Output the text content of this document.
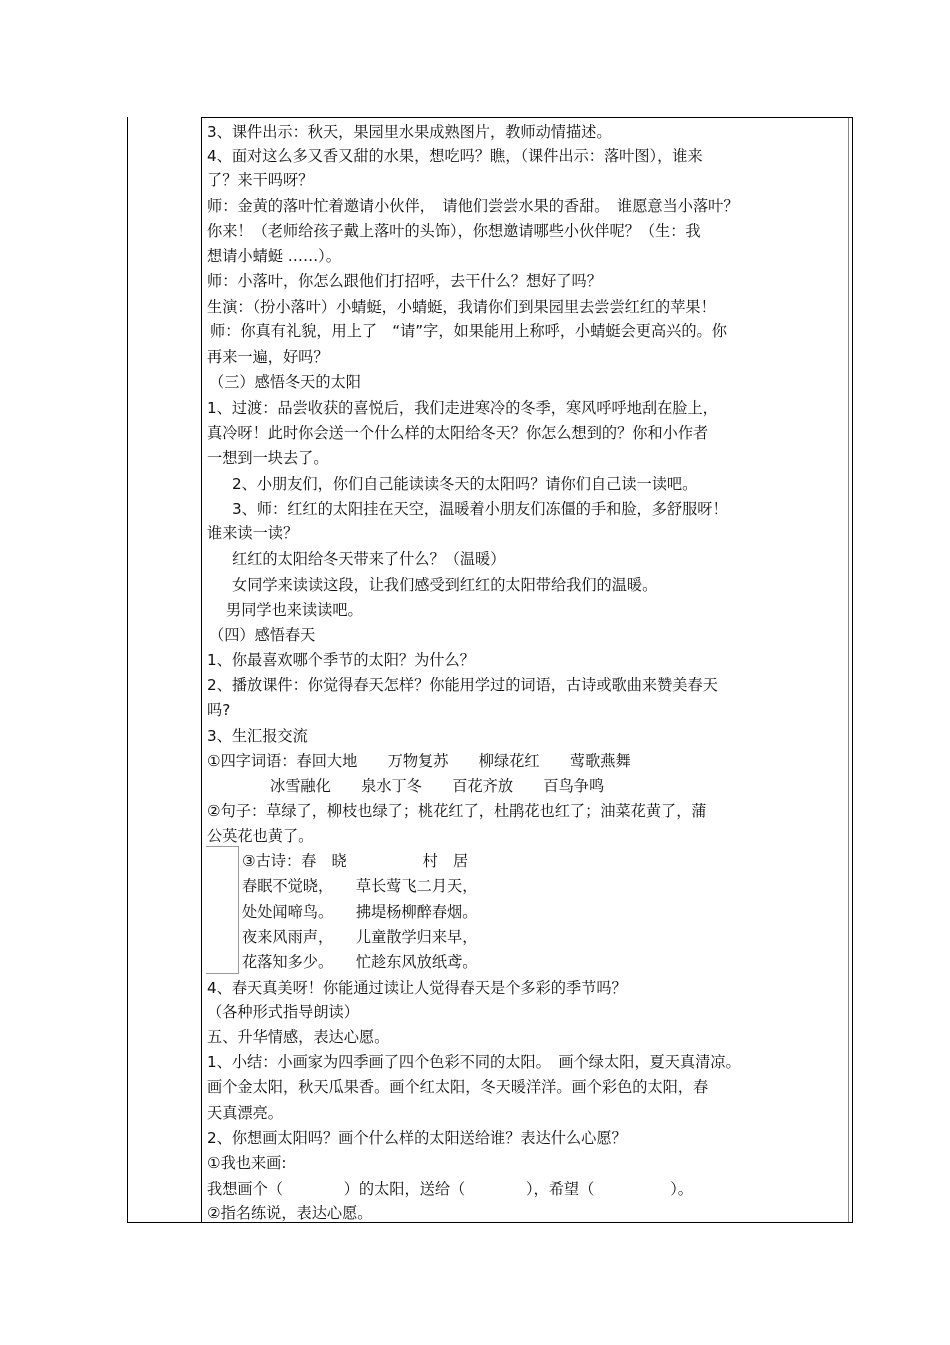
3、课件出示：秋天，果园里水果成熟图片，教师动情描述。
4、面对这么多又香又甜的水果，想吃吗？瞧，（课件出示：落叶图），谁来
了？来干吗呀？
师：金黄的落叶忙着邀请小伙伴，　请他们尝尝水果的香甜。　谁愿意当小落叶？
你来！（老师给孩子戴上落叶的头饰），你想邀请哪些小伙伴呢？（生：我
想请小蜻蜓 ……）。
师：小落叶，你怎么跟他们打招呼，去干什么？想好了吗？
生演：（扮小落叶）小蜻蜓，小蜻蜓，我请你们到果园里去尝尝红红的苹果！
师：你真有礼貌，用上了　“请”字，如果能用上称呼，小蜻蜓会更高兴的。你
再来一遍，好吗？
（三）感悟冬天的太阳
1、过渡：品尝收获的喜悦后，我们走进寒冷的冬季，寒风呼呼地刮在脸上，
真冷呀！此时你会送一个什么样的太阳给冬天？你怎么想到的？你和小作者
一想到一块去了。
2、小朋友们，你们自己能读读冬天的太阳吗？请你们自己读一读吧。
3、师：红红的太阳挂在天空，温暖着小朋友们冻僵的手和脸，多舒服呀！
谁来读一读？
红红的太阳给冬天带来了什么？（温暖）
女同学来读读这段，让我们感受到红红的太阳带给我们的温暖。
男同学也来读读吧。
（四）感悟春天
1、你最喜欢哪个季节的太阳？为什么？
2、播放课件：你觉得春天怎样？你能用学过的词语，古诗或歌曲来赞美春天
吗?
3、生汇报交流
①四字词语：春回大地　　万物复苏　　柳绿花红　　莺歌燕舞
冰雪融化　　泉水丁冬　　百花齐放　　百鸟争鸣
②句子：草绿了，柳枝也绿了；桃花红了，杜鹃花也红了；油菜花黄了，蒲
公英花也黄了。
③古诗：春　晓　　　　　村　居
春眠不觉晓，　　草长莺飞二月天，
处处闻啼鸟。　　拂堤杨柳醉春烟。
夜来风雨声，　　儿童散学归来早，
花落知多少。　　忙趁东风放纸鸢。
4、春天真美呀！你能通过读让人觉得春天是个多彩的季节吗？
（各种形式指导朗读）
五、升华情感，表达心愿。
1、小结：小画家为四季画了四个色彩不同的太阳。　画个绿太阳，夏天真清凉。
画个金太阳，秋天瓜果香。画个红太阳，冬天暖洋洋。画个彩色的太阳，春
天真漂亮。
2、你想画太阳吗？画个什么样的太阳送给谁？表达什么心愿？
①我也来画:
我想画个（　　　　）的太阳，送给（　　　　），希望（　　　　　）。
②指名练说，表达心愿。
